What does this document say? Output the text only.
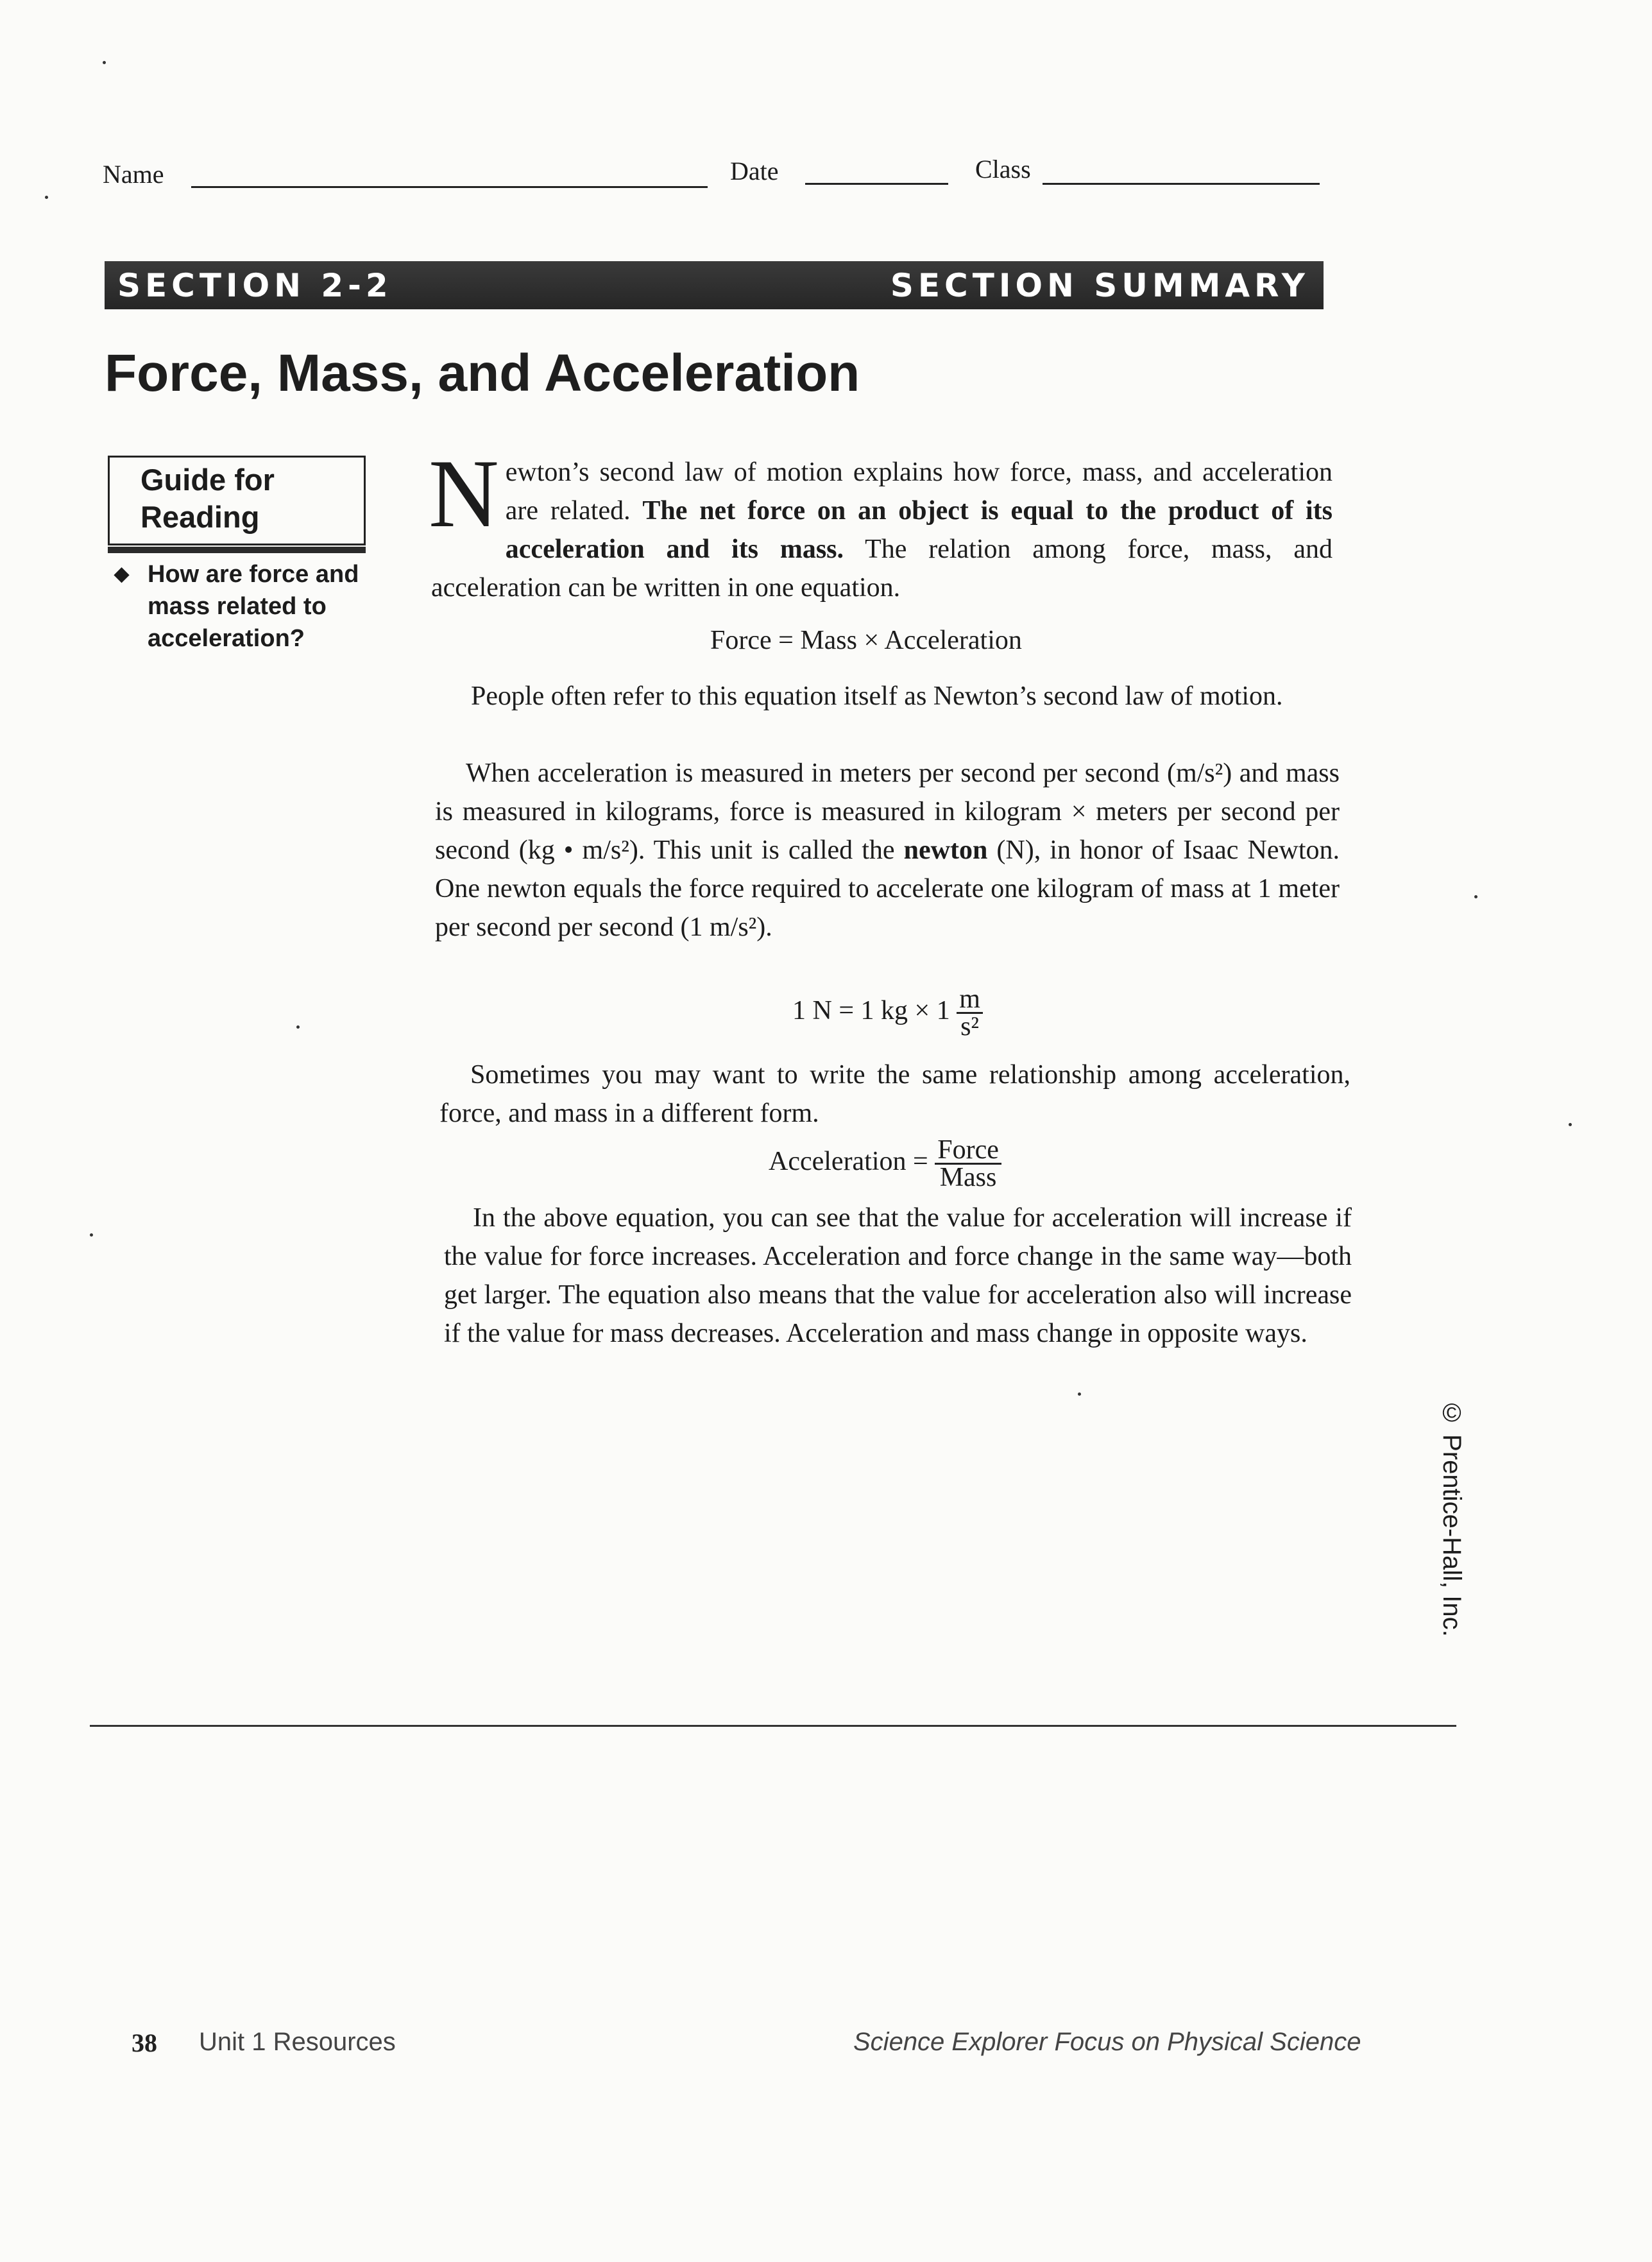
Name	Date	Class
SECTION 2-2	SECTION SUMMARY
Force, Mass, and Acceleration
Guide for
Reading
◆ How are force and mass related to acceleration?
Newton’s second law of motion explains how force, mass, and acceleration are related. The net force on an object is equal to the product of its acceleration and its mass. The relation among force, mass, and acceleration can be written in one equation.
Force = Mass × Acceleration
People often refer to this equation itself as Newton’s second law of motion.
When acceleration is measured in meters per second per second (m/s²) and mass is measured in kilograms, force is measured in kilogram × meters per second per second (kg • m/s²). This unit is called the newton (N), in honor of Isaac Newton. One newton equals the force required to accelerate one kilogram of mass at 1 meter per second per second (1 m/s²).
1 N = 1 kg × $1 \frac{m}{\text{s²}}$
Sometimes you may want to write the same relationship among acceleration, force, and mass in a different form.
Acceleration = $\frac{\text{Force}}{\text{Mass}}$
In the above equation, you can see that the value for acceleration will increase if the value for force increases. Acceleration and force change in the same way—both get larger. The equation also means that the value for acceleration also will increase if the value for mass decreases. Acceleration and mass change in opposite ways.
© Prentice-Hall, Inc.
38 Unit 1 Resources	Science Explorer Focus on Physical Science
